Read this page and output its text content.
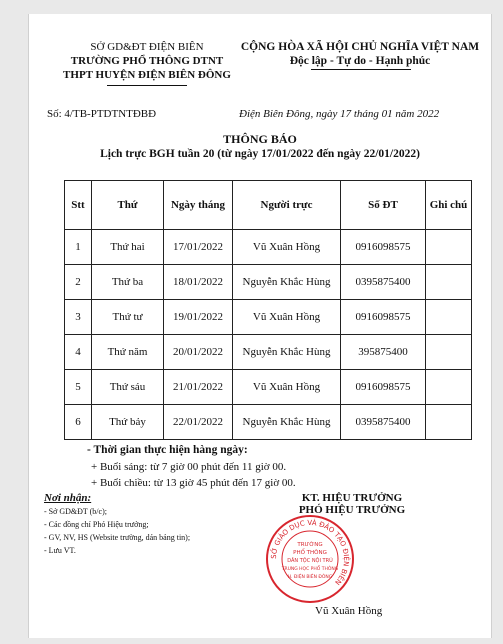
SỞ GD&ĐT ĐIỆN BIÊN
TRƯỜNG PHỔ THÔNG DTNT
THPT HUYỆN ĐIỆN BIÊN ĐÔNG
CỘNG HÒA XÃ HỘI CHỦ NGHĨA VIỆT NAM
Độc lập - Tự do - Hạnh phúc
Số: 4/TB-PTDTNTĐBĐ	Điện Biên Đông, ngày 17 tháng 01 năm 2022
THÔNG BÁO
Lịch trực BGH tuần 20 (từ ngày 17/01/2022 đến ngày 22/01/2022)
Stt	Thứ	Ngày tháng	Người trực	Số ĐT	Ghi chú
1	Thứ hai	17/01/2022	Vũ Xuân Hồng	0916098575	
2	Thứ ba	18/01/2022	Nguyễn Khắc Hùng	0395875400	
3	Thứ tư	19/01/2022	Vũ Xuân Hồng	0916098575	
4	Thứ năm	20/01/2022	Nguyễn Khắc Hùng	395875400	
5	Thứ sáu	21/01/2022	Vũ Xuân Hồng	0916098575	
6	Thứ bảy	22/01/2022	Nguyễn Khắc Hùng	0395875400	
- Thời gian thực hiện hàng ngày:
+ Buổi sáng: từ 7 giờ 00 phút đến 11 giờ 00.
+ Buổi chiều: từ 13 giờ 45 phút đến 17 giờ 00.
Nơi nhận:
- Sở GD&ĐT (b/c);
- Các đồng chí Phó Hiệu trưởng;
- GV, NV, HS (Website trường, dán bảng tin);
- Lưu VT.
KT. HIỆU TRƯỞNG
PHÓ HIỆU TRƯỞNG
SỞ GIÁO DỤC VÀ ĐÀO TẠO ĐIỆN BIÊN
TRƯỜNG
PHỔ THÔNG
DÂN TỘC NỘI TRÚ
TRUNG HỌC PHỔ THÔNG
H. ĐIỆN BIÊN ĐÔNG
Vũ Xuân Hồng
